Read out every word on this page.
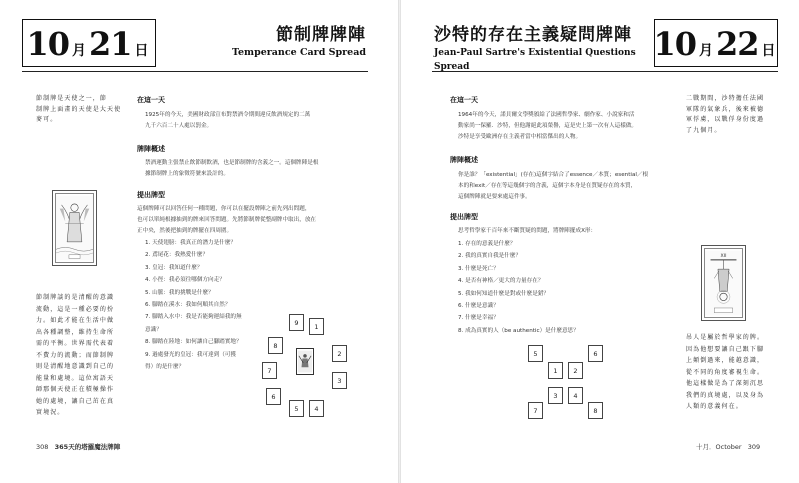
10 月 21 日
節制牌牌陣
Temperance Card Spread
節制牌是天使之一，節
制牌上面畫的天使是大天使
麥可。
節制牌談的是清醒的意識
流動，這是一種必要的扮
力。如此才能在生活中做
出各種調整，維持生命所
需的平衡。世界需代表着
不費力的流動；而節制牌
則是清醒地意識到自己的
能量和處境。這位寓語天
師那個天使正在積極操作
她的處境，讓自己茁在真
實境況。
在這一天

1925年的今天，美國財政部宣布對禁酒令期間違反飲酒規定的二萬

九千六百二十人處以罰金。

牌陣概述

禁酒運動主張禁止飲節制飲酒，也是節制牌的含義之一。這個牌陣是根

據節制牌上的象徵符號來設計的。

提出牌型

這個牌陣可以回答任何一種問題，你可以在擺設牌陣之前先列出問題，

也可以單純根據抽到的牌來回答問題。先將節制牌從整副牌中取出，放在

正中央，然後把抽到的牌擺在四周圍。

1. 天使翅膀：我真正的潛力是什麼？
2. 鳶尾花：我熱愛什麼？
3. 皇冠：我知道什麼？
4. 小徑：我必須往哪個方向走？
5. 山脈：我的挑戰是什麼？
6. 腳踏在溪水：我如何順其自然？
7. 腳踏入水中：我是否能夠運結我的無
意識？
8. 腳踏在陸地：如何讓自己腳踏實地？
9. 過處發光的皇冠：我可達到（可獲
得）的是什麼？
9	1
8
2
7
3
6
5	4
308 365天的塔羅魔法牌陣
沙特的存在主義疑問牌陣
Jean-Paul Sartre's Existential Questions Spread
10 月 22 日
在這一天

1964年的今天，諾貝爾文學獎頒給了法國哲學家、劇作家、小說家和活

動家尚一保羅．沙特，但他謝絕此項榮譽，這是史上第一次有人這樣做。

沙特是享受歐洲存在主義者當中相當傑出的人物。

牌陣概述

你是誰？「existential」(存在)這個字結合了essence／本質；esential／根

本的和exit／存在等這幾個字的含義，這個字本身是在質疑存在的本質，

這個牌陣就是要來處這件事。

提出牌型

思考哲學家千百年來不斷質疑的問題，將牌陣擺成X形：

1. 存在的意義是什麼？
2. 我的真實自我是什麼？
3. 什麼是死亡？
4. 是否有神格／更大的力量存在？
5. 我如何知道什麼是對或什麼是錯？
6. 什麼是意識？
7. 什麼是幸福？
8. 成為真實的人（be authentic）是什麼意思？
5	6
1	2
3	4
7	8
二戰期間，沙特擔任法國
軍隊的氣象兵，後來被德
軍俘虜，以戰俘身份度過
了九個月。
XII
吊人是屬於哲學家的牌。
因為他想要讓自己跟下腳
上顛倒過來，能越意識，
從不同的角度審視生命。
他這樣做是為了深刻沉思
我們的真境處，以及身為
人類的意義何在。
十月．October 309
